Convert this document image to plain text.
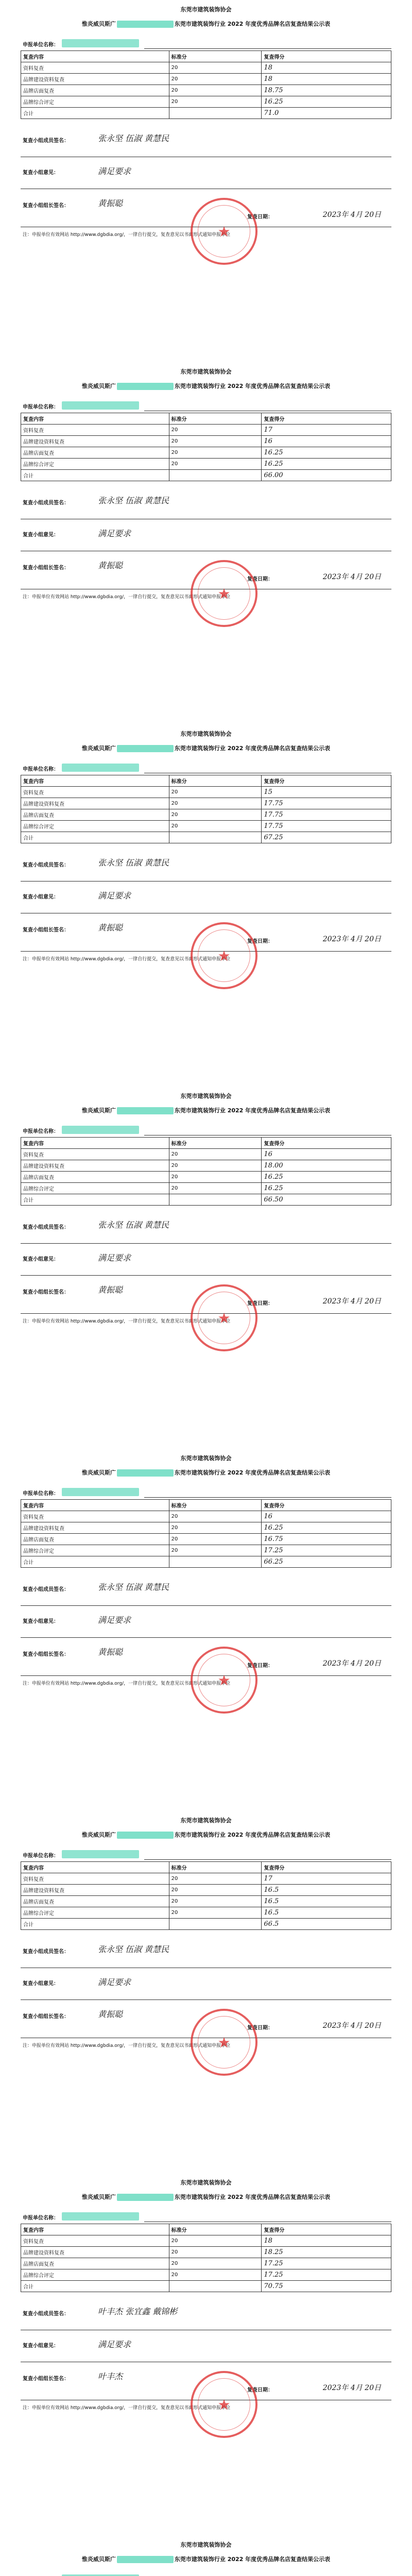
东莞市建筑装饰协会
惟炎威贝斯广	东莞市建筑装饰行业 2022 年度优秀品牌名店复查结果公示表
申报单位名称：
复查内容	标准分	复查得分
资料复查	20	18
品牌建设资料复查	20	18
品牌店面复查	20	18.75
品牌综合评定	20	16.25
合计		71.0
复查小组成员签名：	张永坚 伍淑 黄慧民
复查小组意见：	满足要求
复查小组组长签名：	黄振聪
复查日期：	2023年 4月 20日
注：申报单位有效网站 http://www.dgbdia.org/，一律自行提交，复查意见以书面形式通知申报单位
★
东莞市建筑装饰协会
惟炎威贝斯广	东莞市建筑装饰行业 2022 年度优秀品牌名店复查结果公示表
申报单位名称：
复查内容	标准分	复查得分
资料复查	20	17
品牌建设资料复查	20	16
品牌店面复查	20	16.25
品牌综合评定	20	16.25
合计		66.00
复查小组成员签名：	张永坚 伍淑 黄慧民
复查小组意见：	满足要求
复查小组组长签名：	黄振聪
复查日期：	2023年 4月 20日
注：申报单位有效网站 http://www.dgbdia.org/，一律自行提交，复查意见以书面形式通知申报单位
★
东莞市建筑装饰协会
惟炎威贝斯广	东莞市建筑装饰行业 2022 年度优秀品牌名店复查结果公示表
申报单位名称：
复查内容	标准分	复查得分
资料复查	20	15
品牌建设资料复查	20	17.75
品牌店面复查	20	17.75
品牌综合评定	20	17.75
合计		67.25
复查小组成员签名：	张永坚 伍淑 黄慧民
复查小组意见：	满足要求
复查小组组长签名：	黄振聪
复查日期：	2023年 4月 20日
注：申报单位有效网站 http://www.dgbdia.org/，一律自行提交，复查意见以书面形式通知申报单位
★
东莞市建筑装饰协会
惟炎威贝斯广	东莞市建筑装饰行业 2022 年度优秀品牌名店复查结果公示表
申报单位名称：
复查内容	标准分	复查得分
资料复查	20	16
品牌建设资料复查	20	18.00
品牌店面复查	20	16.25
品牌综合评定	20	16.25
合计		66.50
复查小组成员签名：	张永坚 伍淑 黄慧民
复查小组意见：	满足要求
复查小组组长签名：	黄振聪
复查日期：	2023年 4月 20日
注：申报单位有效网站 http://www.dgbdia.org/，一律自行提交，复查意见以书面形式通知申报单位
★
东莞市建筑装饰协会
惟炎威贝斯广	东莞市建筑装饰行业 2022 年度优秀品牌名店复查结果公示表
申报单位名称：
复查内容	标准分	复查得分
资料复查	20	16
品牌建设资料复查	20	16.25
品牌店面复查	20	16.75
品牌综合评定	20	17.25
合计		66.25
复查小组成员签名：	张永坚 伍淑 黄慧民
复查小组意见：	满足要求
复查小组组长签名：	黄振聪
复查日期：	2023年 4月 20日
注：申报单位有效网站 http://www.dgbdia.org/，一律自行提交，复查意见以书面形式通知申报单位
★
东莞市建筑装饰协会
惟炎威贝斯广	东莞市建筑装饰行业 2022 年度优秀品牌名店复查结果公示表
申报单位名称：
复查内容	标准分	复查得分
资料复查	20	17
品牌建设资料复查	20	16.5
品牌店面复查	20	16.5
品牌综合评定	20	16.5
合计		66.5
复查小组成员签名：	张永坚 伍淑 黄慧民
复查小组意见：	满足要求
复查小组组长签名：	黄振聪
复查日期：	2023年 4月 20日
注：申报单位有效网站 http://www.dgbdia.org/，一律自行提交，复查意见以书面形式通知申报单位
★
东莞市建筑装饰协会
惟炎威贝斯广	东莞市建筑装饰行业 2022 年度优秀品牌名店复查结果公示表
申报单位名称：
复查内容	标准分	复查得分
资料复查	20	18
品牌建设资料复查	20	18.25
品牌店面复查	20	17.25
品牌综合评定	20	17.25
合计		70.75
复查小组成员签名：	叶丰杰 张宜鑫 戴锦彬
复查小组意见：	满足要求
复查小组组长签名：	叶丰杰
复查日期：	2023年 4月 20日
注：申报单位有效网站 http://www.dgbdia.org/，一律自行提交，复查意见以书面形式通知申报单位
★
东莞市建筑装饰协会
惟炎威贝斯广	东莞市建筑装饰行业 2022 年度优秀品牌名店复查结果公示表
